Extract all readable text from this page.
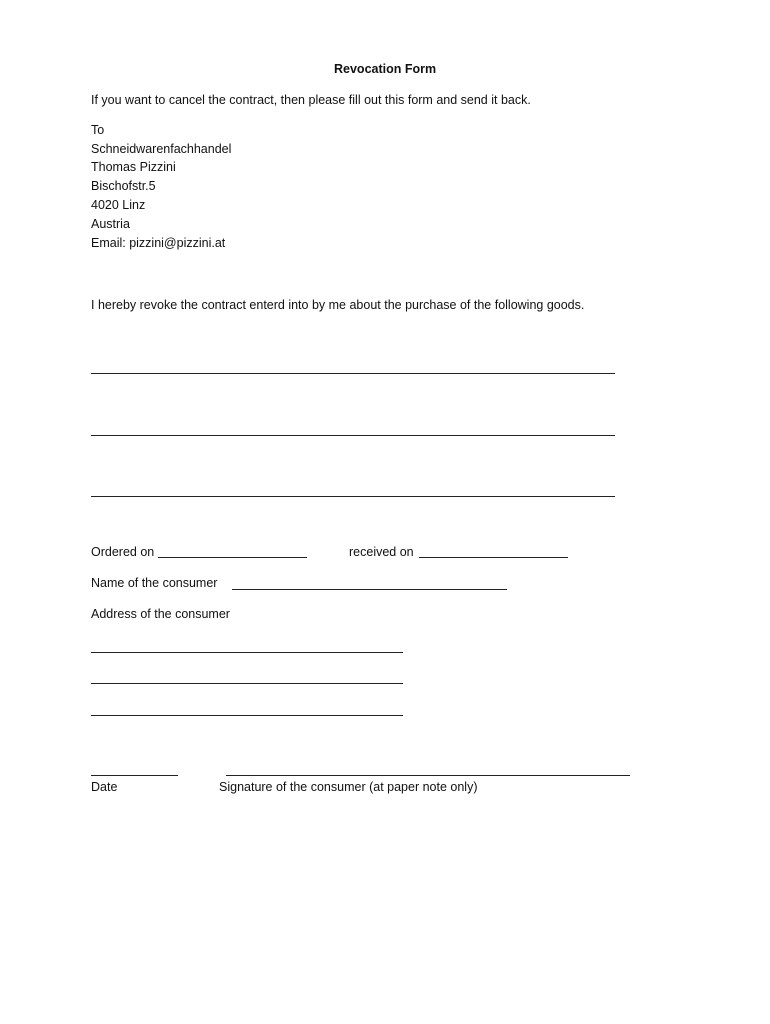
Revocation Form
If you want to cancel the contract, then please fill out this form and send it back.
To
Schneidwarenfachhandel
Thomas Pizzini
Bischofstr.5
4020 Linz
Austria
Email: pizzini@pizzini.at
I hereby revoke the contract enterd into by me about the purchase of the following goods.
Ordered on	received on
Name of the consumer
Address of the consumer
Date	Signature of the consumer (at paper note only)
